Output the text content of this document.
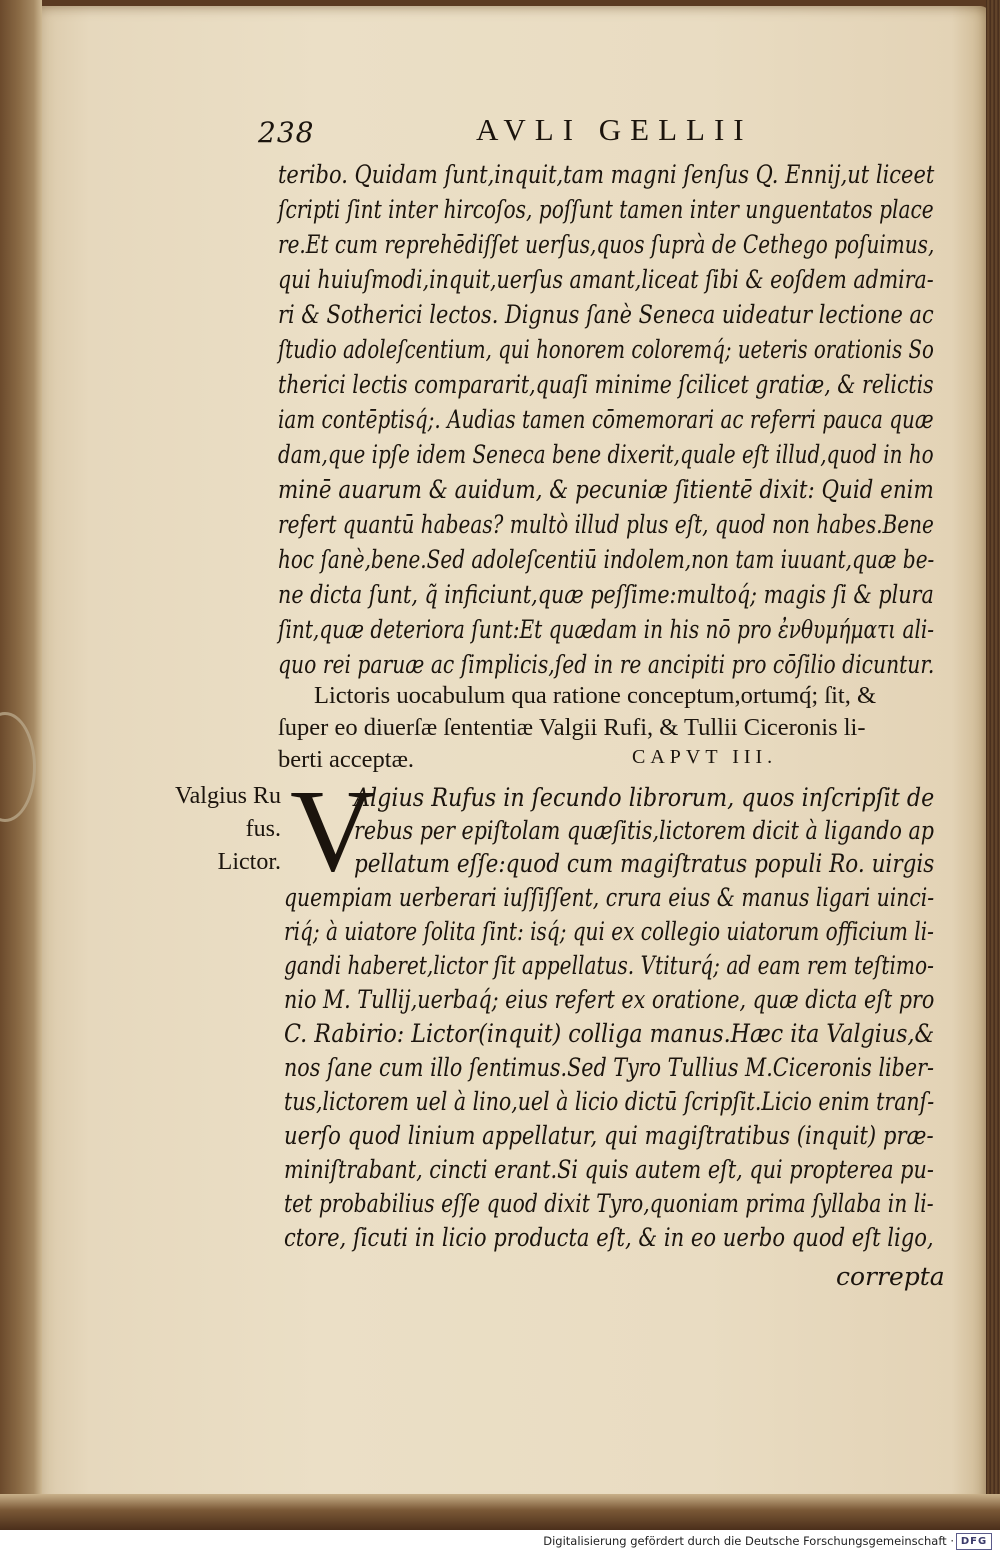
238	AVLI GELLII
teribo. Quidam ſunt,inquit,tam magni ſenſus Q. Ennij,ut liceet
ſcripti ſint inter hircoſos, poſſunt tamen inter unguentatos place
re.Et cum reprehēdiſſet uerſus,quos ſuprà de Cethego poſuimus,
qui huiuſmodi,inquit,uerſus amant,liceat ſibi & eoſdem admira-
ri & Sotherici lectos. Dignus ſanè Seneca uideatur lectione ac
ſtudio adoleſcentium, qui honorem coloremq́; ueteris orationis So
therici lectis compararit,quaſi minime ſcilicet gratiæ, & relictis
iam contēptisq́;. Audias tamen cōmemorari ac referri pauca quæ
dam,que ipſe idem Seneca bene dixerit,quale eſt illud,quod in ho
minē auarum & auidum, & pecuniæ ſitientē dixit: Quid enim
refert quantū habeas? multò illud plus eſt, quod non habes.Bene
hoc ſanè,bene.Sed adoleſcentiū indolem,non tam iuuant,quæ be-
ne dicta ſunt, q̃ inficiunt,quæ peſſime:multoq́; magis ſi & plura
ſint,quæ deteriora ſunt:Et quædam in his nō pro ἐνθυμήματι ali-
quo rei paruæ ac ſimplicis,ſed in re ancipiti pro cōſilio dicuntur.
Lictoris uocabulum qua ratione conceptum,ortumq́; ſit, &
ſuper eo diuerſæ ſententiæ Valgii Rufi, & Tullii Ciceronis li-
berti acceptæ.	CAPVT III.
Valgius Ru
fus.
Lictor. V
Algius Rufus in ſecundo librorum, quos inſcripſit de
rebus per epiſtolam quæſitis,lictorem dicit à ligando ap
pellatum eſſe:quod cum magiſtratus populi Ro. uirgis
quempiam uerberari iuſſiſſent, crura eius & manus ligari uinci-
riq́; à uiatore ſolita ſint: isq́; qui ex collegio uiatorum officium li-
gandi haberet,lictor ſit appellatus. Vtiturq́; ad eam rem teſtimo-
nio M. Tullij,uerbaq́; eius refert ex oratione, quæ dicta eſt pro
C. Rabirio: Lictor(inquit) colliga manus.Hæc ita Valgius,&
nos ſane cum illo ſentimus.Sed Tyro Tullius M.Ciceronis liber-
tus,lictorem uel à lino,uel à licio dictū ſcripſit.Licio enim tranſ-
uerſo quod linium appellatur, qui magiſtratibus (inquit) præ-
miniſtrabant, cincti erant.Si quis autem eſt, qui propterea pu-
tet probabilius eſſe quod dixit Tyro,quoniam prima ſyllaba in li-
ctore, ſicuti in licio producta eſt, & in eo uerbo quod eſt ligo,
correpta
Digitalisierung gefördert durch die Deutsche Forschungsgemeinschaft · DFG
